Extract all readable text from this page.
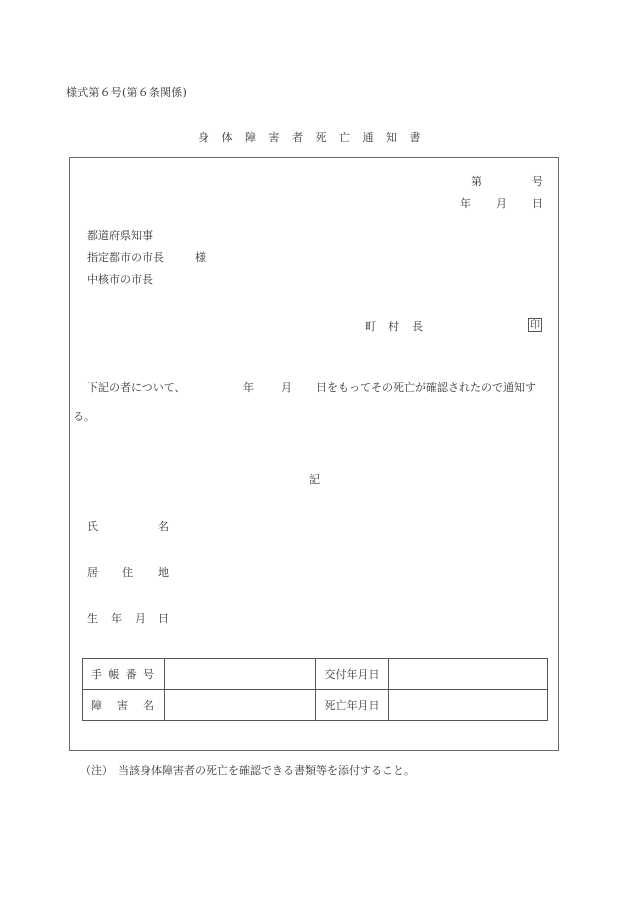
様式第６号(第６条関係)
身 体 障 害 者 死 亡 通 知 書
第	号
年 月 日
都道府県知事
指定都市の市長	様
中核市の市長
町 村 長	印
下記の者について、	年 月 日をもってその死亡が確認されたので通知す
る。
記
氏	名
居 住 地
生 年 月 日
手 帳 番 号		交付年月日	

障 害 名		死亡年月日	
（注） 当該身体障害者の死亡を確認できる書類等を添付すること。
